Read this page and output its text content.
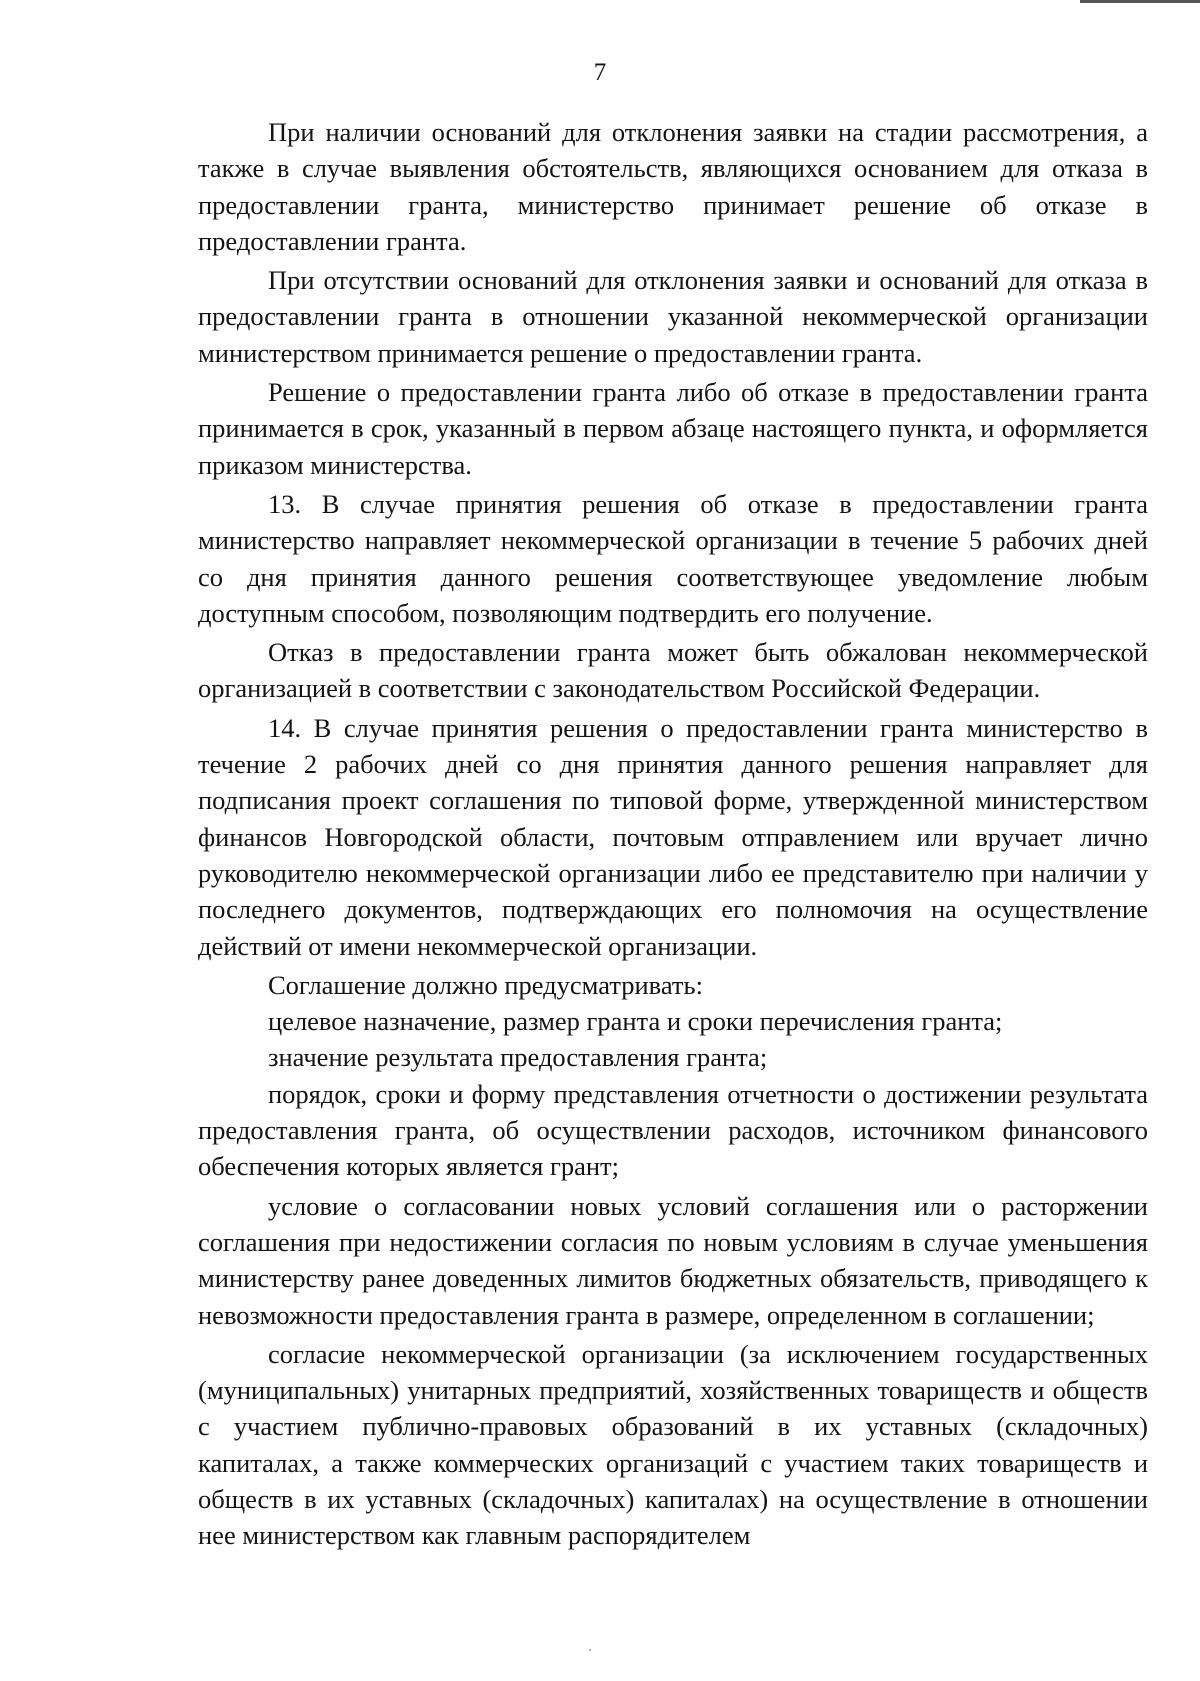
7

При наличии оснований для отклонения заявки на стадии рассмотрения, а также в случае выявления обстоятельств, являющихся основанием для отказа в предоставлении гранта, министерство принимает решение об отказе в предоставлении гранта.

При отсутствии оснований для отклонения заявки и оснований для отказа в предоставлении гранта в отношении указанной некоммерческой организации министерством принимается решение о предоставлении гранта.

Решение о предоставлении гранта либо об отказе в предоставлении гранта принимается в срок, указанный в первом абзаце настоящего пункта, и оформляется приказом министерства.

13. В случае принятия решения об отказе в предоставлении гранта министерство направляет некоммерческой организации в течение 5 рабочих дней со дня принятия данного решения соответствующее уведомление любым доступным способом, позволяющим подтвердить его получение.

Отказ в предоставлении гранта может быть обжалован некоммерческой организацией в соответствии с законодательством Российской Федерации.

14. В случае принятия решения о предоставлении гранта министерство в течение 2 рабочих дней со дня принятия данного решения направляет для подписания проект соглашения по типовой форме, утвержденной министерством финансов Новгородской области, почтовым отправлением или вручает лично руководителю некоммерческой организации либо ее представителю при наличии у последнего документов, подтверждающих его полномочия на осуществление действий от имени некоммерческой организации.

Соглашение должно предусматривать:

целевое назначение, размер гранта и сроки перечисления гранта;

значение результата предоставления гранта;

порядок, сроки и форму представления отчетности о достижении результата предоставления гранта, об осуществлении расходов, источником финансового обеспечения которых является грант;

условие о согласовании новых условий соглашения или о расторжении соглашения при недостижении согласия по новым условиям в случае уменьшения министерству ранее доведенных лимитов бюджетных обязательств, приводящего к невозможности предоставления гранта в размере, определенном в соглашении;

согласие некоммерческой организации (за исключением государственных (муниципальных) унитарных предприятий, хозяйственных товариществ и обществ с участием публично-правовых образований в их уставных (складочных) капиталах, а также коммерческих организаций с участием таких товариществ и обществ в их уставных (складочных) капиталах) на осуществление в отношении нее министерством как главным распорядителем
